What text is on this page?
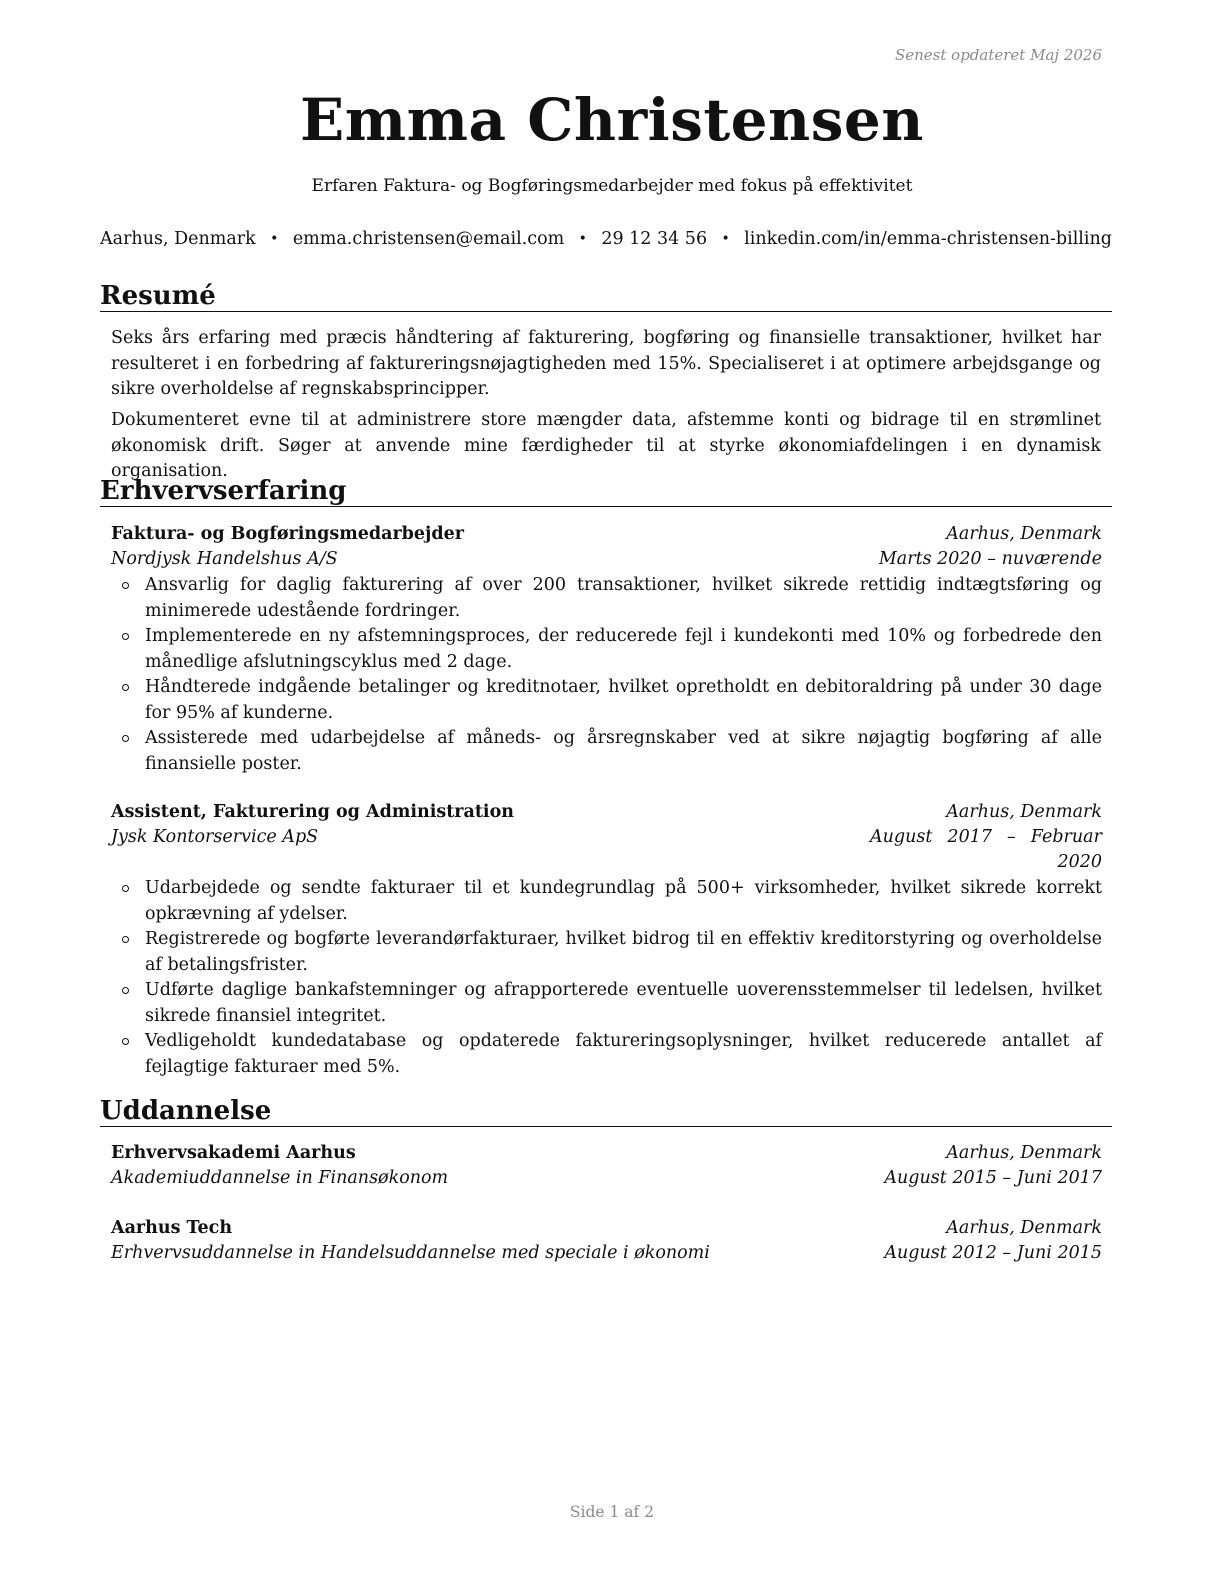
Senest opdateret Maj 2026
Emma Christensen
Erfaren Faktura- og Bogføringsmedarbejder med fokus på effektivitet
Aarhus, Denmark • emma.christensen@email.com • 29 12 34 56 • linkedin.com/in/emma-christensen-billing
Resumé

Seks års erfaring med præcis håndtering af fakturering, bogføring og finansielle transaktioner, hvilket har resulteret i en forbedring af faktureringsnøjagtigheden med 15%. Specialiseret i at optimere arbejdsgange og sikre overholdelse af regnskabsprincipper.

Dokumenteret evne til at administrere store mængder data, afstemme konti og bidrage til en strømlinet økonomisk drift. Søger at anvende mine færdigheder til at styrke økonomiafdelingen i en dynamisk organisation.

Erhvervserfaring
Faktura- og Bogføringsmedarbejder	Aarhus, Denmark
Nordjysk Handelshus A/S	Marts 2020 – nuværende
Ansvarlig for daglig fakturering af over 200 transaktioner, hvilket sikrede rettidig indtægtsføring og minimerede udestående fordringer.
Implementerede en ny afstemningsproces, der reducerede fejl i kundekonti med 10% og forbedrede den månedlige afslutningscyklus med 2 dage.
Håndterede indgående betalinger og kreditnotaer, hvilket opretholdt en debitoraldring på under 30 dage for 95% af kunderne.
Assisterede med udarbejdelse af måneds- og årsregnskaber ved at sikre nøjagtig bogføring af alle finansielle poster.
Assistent, Fakturering og Administration	Aarhus, Denmark
Jysk Kontorservice ApS	August 2017 – Februar 2020
Udarbejdede og sendte fakturaer til et kundegrundlag på 500+ virksomheder, hvilket sikrede korrekt opkrævning af ydelser.
Registrerede og bogførte leverandørfakturaer, hvilket bidrog til en effektiv kreditorstyring og overholdelse af betalingsfrister.
Udførte daglige bankafstemninger og afrapporterede eventuelle uoverensstemmelser til ledelsen, hvilket sikrede finansiel integritet.
Vedligeholdt kundedatabase og opdaterede faktureringsoplysninger, hvilket reducerede antallet af fejlagtige fakturaer med 5%.
Uddannelse
Erhvervsakademi Aarhus	Aarhus, Denmark
Akademiuddannelse in Finansøkonom	August 2015 – Juni 2017
Aarhus Tech	Aarhus, Denmark
Erhvervsuddannelse in Handelsuddannelse med speciale i økonomi	August 2012 – Juni 2015
Side 1 af 2
